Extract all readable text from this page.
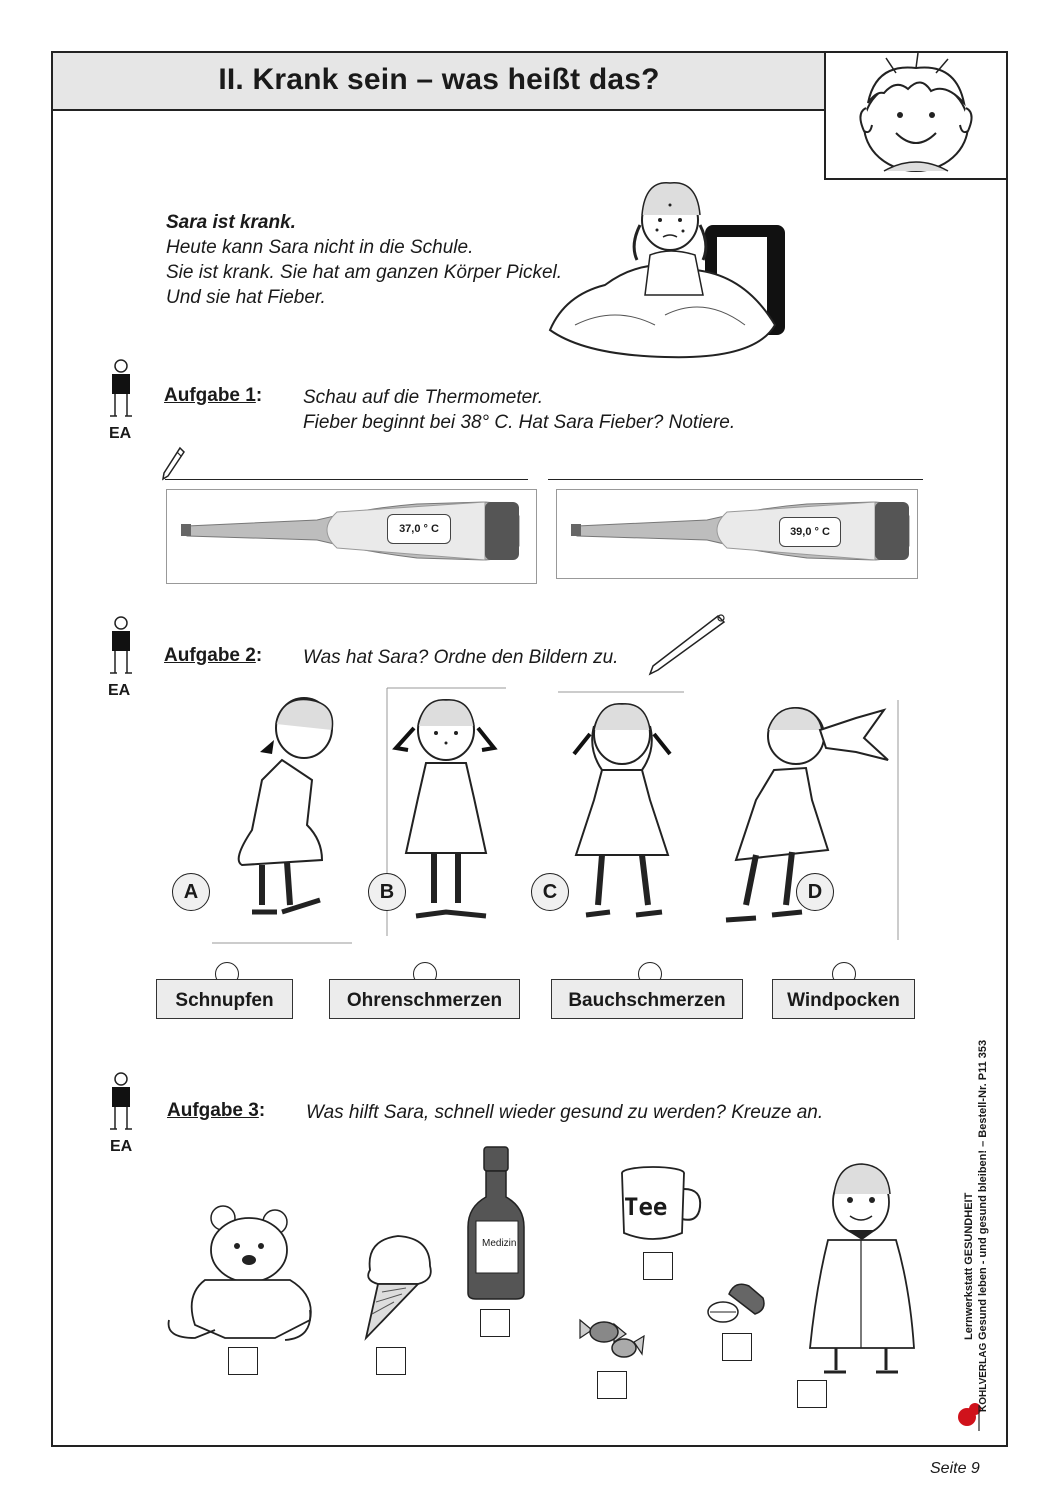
II. Krank sein – was heißt das?
Sara ist krank.
Heute kann Sara nicht in die Schule.
Sie ist krank. Sie hat am ganzen Körper Pickel.
Und sie hat Fieber.
EA
Aufgabe 1: Schau auf die Thermometer.
Fieber beginnt bei 38° C. Hat Sara Fieber? Notiere.
37,0 ° C	39,0 ° C
EA
Aufgabe 2: Was hat Sara? Ordne den Bildern zu.
A	B	C	D
Schnupfen	Ohrenschmerzen	Bauchschmerzen	Windpocken
EA
Aufgabe 3: Was hilft Sara, schnell wieder gesund zu werden? Kreuze an.
Medizin
Tee	Lernwerkstatt GESUNDHEIT Gesund leben - und gesund bleiben! – Bestell-Nr. P11 353
KOHLVERLAG
Seite 9
